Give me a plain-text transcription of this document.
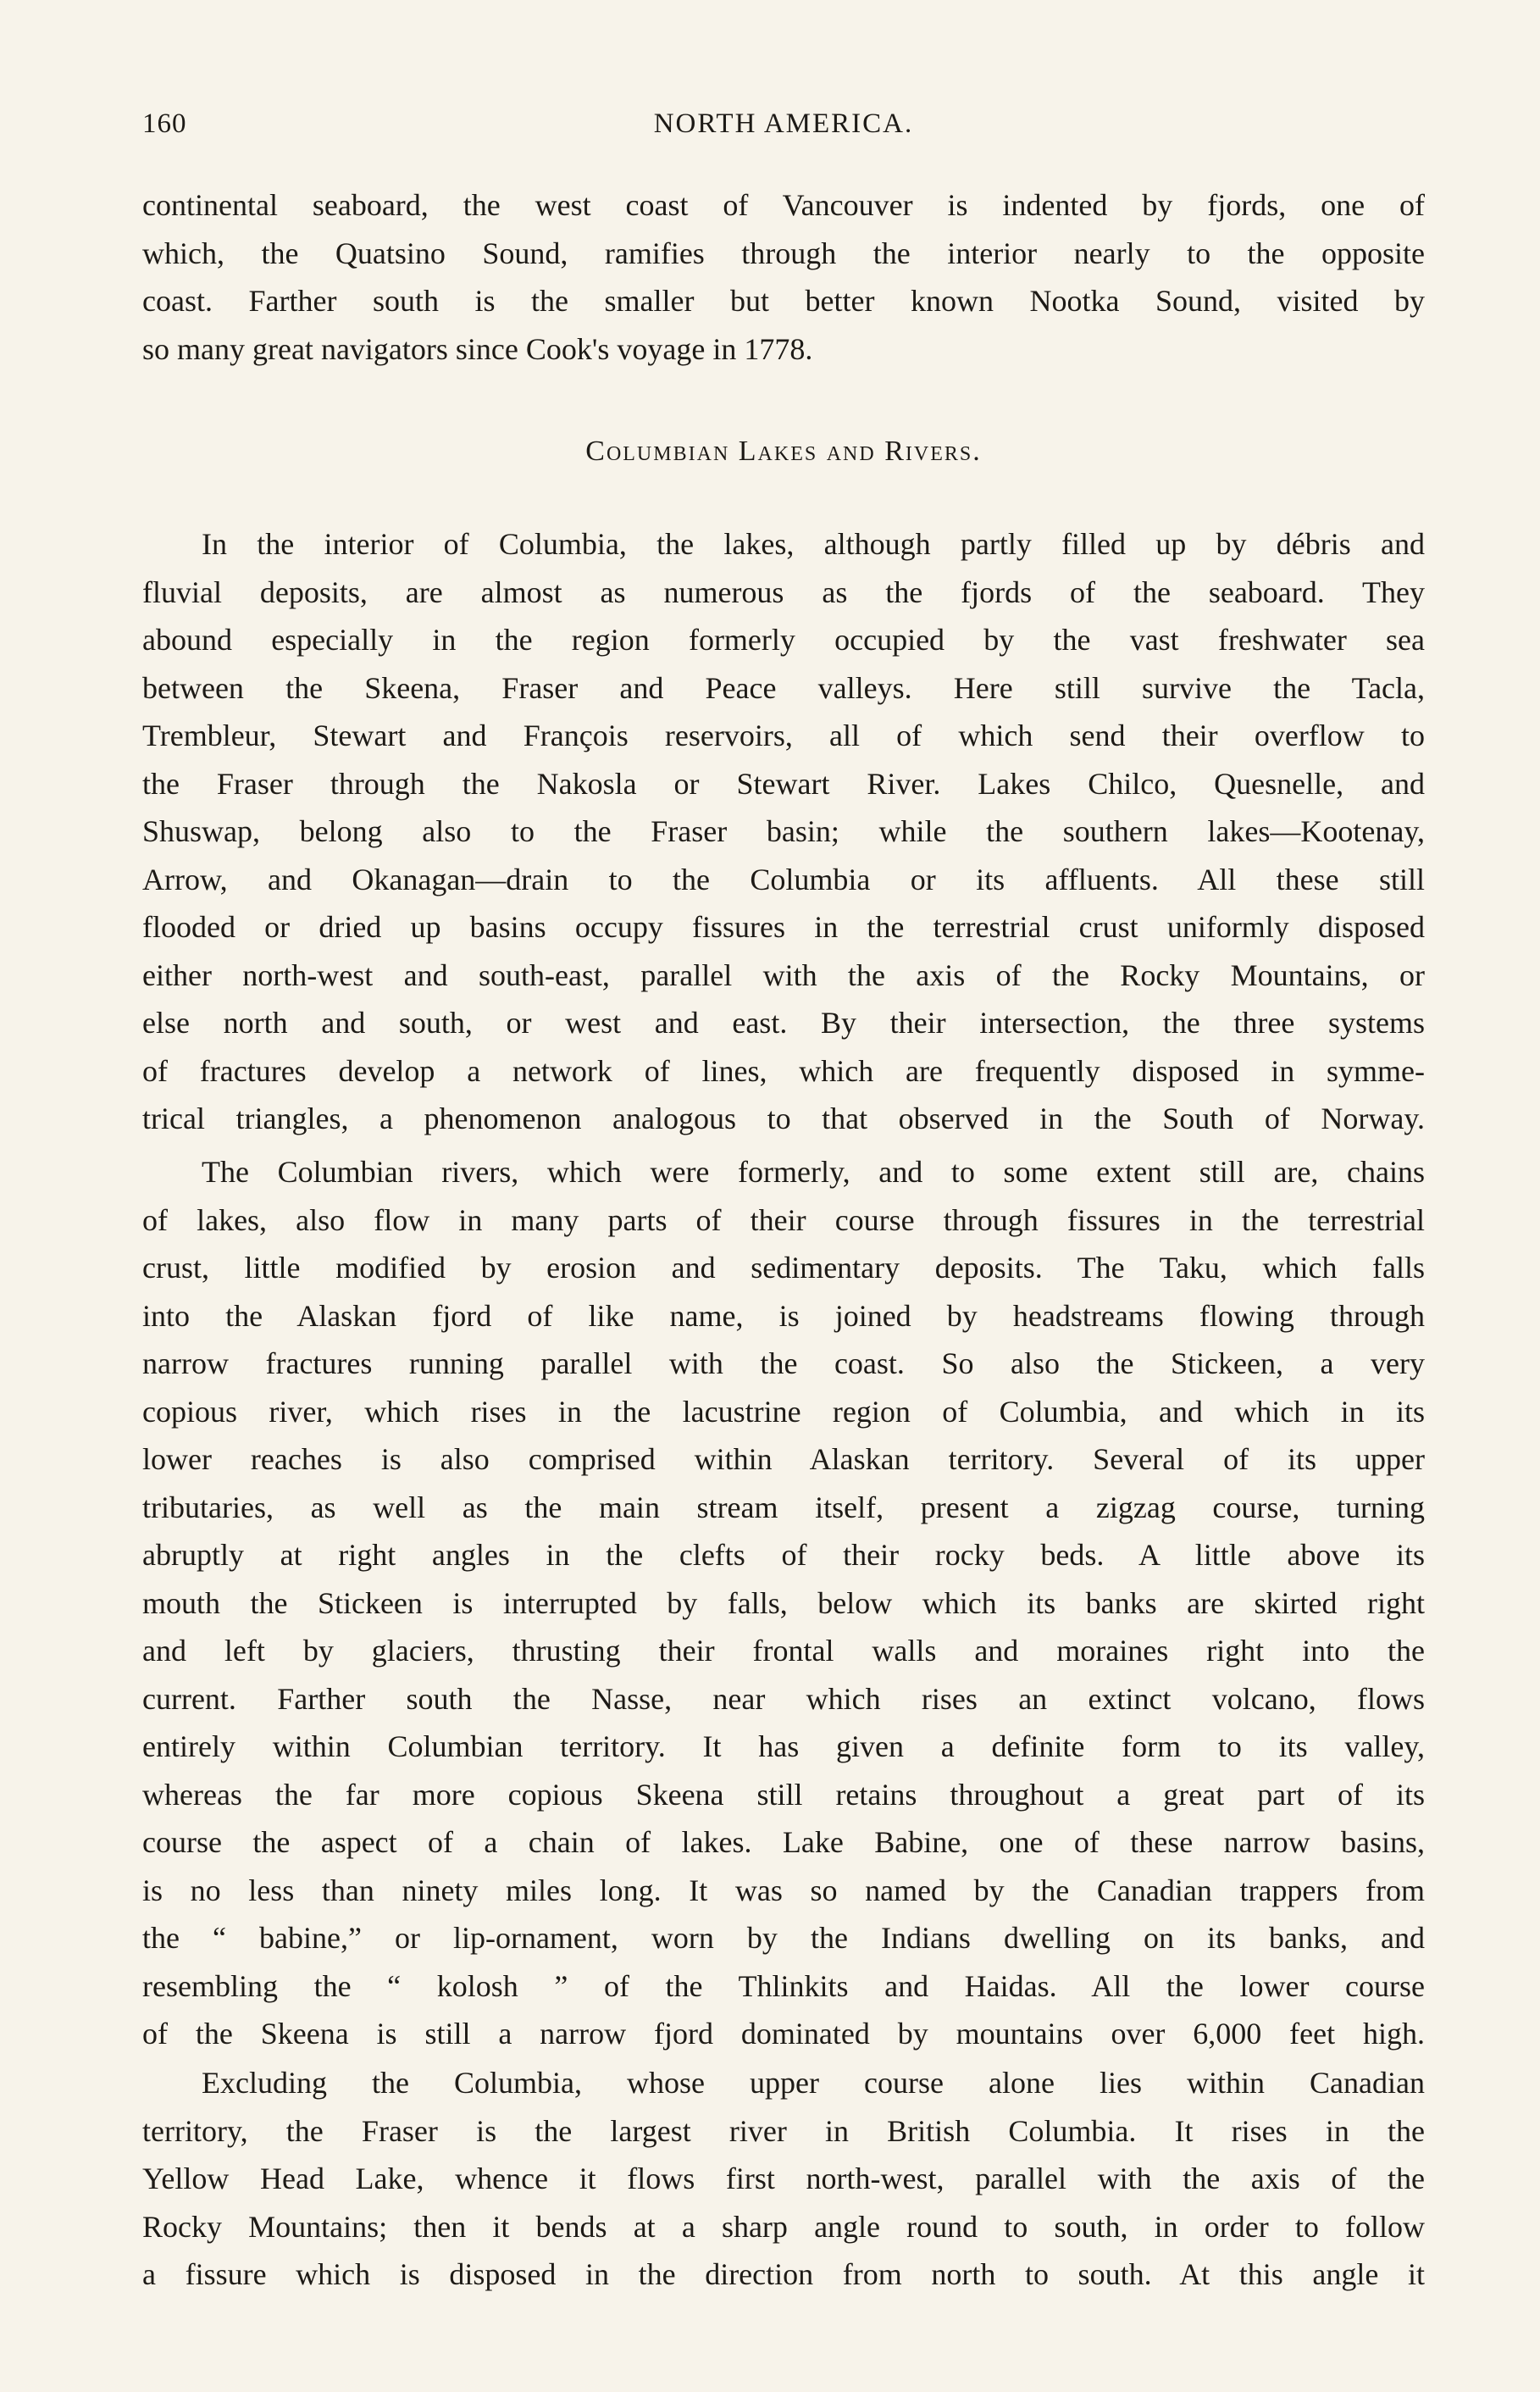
160	NORTH AMERICA.
continental seaboard, the west coast of Vancouver is indented by fjords, one of
which, the Quatsino Sound, ramifies through the interior nearly to the opposite
coast. Farther south is the smaller but better known Nootka Sound, visited by
so many great navigators since Cook's voyage in 1778.
Columbian Lakes and Rivers.
In the interior of Columbia, the lakes, although partly filled up by débris and
fluvial deposits, are almost as numerous as the fjords of the seaboard. They
abound especially in the region formerly occupied by the vast freshwater sea
between the Skeena, Fraser and Peace valleys. Here still survive the Tacla,
Trembleur, Stewart and François reservoirs, all of which send their overflow to
the Fraser through the Nakosla or Stewart River. Lakes Chilco, Quesnelle, and
Shuswap, belong also to the Fraser basin; while the southern lakes—Kootenay,
Arrow, and Okanagan—drain to the Columbia or its affluents. All these still
flooded or dried up basins occupy fissures in the terrestrial crust uniformly disposed
either north-west and south-east, parallel with the axis of the Rocky Mountains, or
else north and south, or west and east. By their intersection, the three systems
of fractures develop a network of lines, which are frequently disposed in symme-
trical triangles, a phenomenon analogous to that observed in the South of Norway.
The Columbian rivers, which were formerly, and to some extent still are, chains
of lakes, also flow in many parts of their course through fissures in the terrestrial
crust, little modified by erosion and sedimentary deposits. The Taku, which falls
into the Alaskan fjord of like name, is joined by headstreams flowing through
narrow fractures running parallel with the coast. So also the Stickeen, a very
copious river, which rises in the lacustrine region of Columbia, and which in its
lower reaches is also comprised within Alaskan territory. Several of its upper
tributaries, as well as the main stream itself, present a zigzag course, turning
abruptly at right angles in the clefts of their rocky beds. A little above its
mouth the Stickeen is interrupted by falls, below which its banks are skirted right
and left by glaciers, thrusting their frontal walls and moraines right into the
current. Farther south the Nasse, near which rises an extinct volcano, flows
entirely within Columbian territory. It has given a definite form to its valley,
whereas the far more copious Skeena still retains throughout a great part of its
course the aspect of a chain of lakes. Lake Babine, one of these narrow basins,
is no less than ninety miles long. It was so named by the Canadian trappers from
the “ babine,” or lip-ornament, worn by the Indians dwelling on its banks, and
resembling the “ kolosh ” of the Thlinkits and Haidas. All the lower course
of the Skeena is still a narrow fjord dominated by mountains over 6,000 feet high.
Excluding the Columbia, whose upper course alone lies within Canadian
territory, the Fraser is the largest river in British Columbia. It rises in the
Yellow Head Lake, whence it flows first north-west, parallel with the axis of the
Rocky Mountains; then it bends at a sharp angle round to south, in order to follow
a fissure which is disposed in the direction from north to south. At this angle it
